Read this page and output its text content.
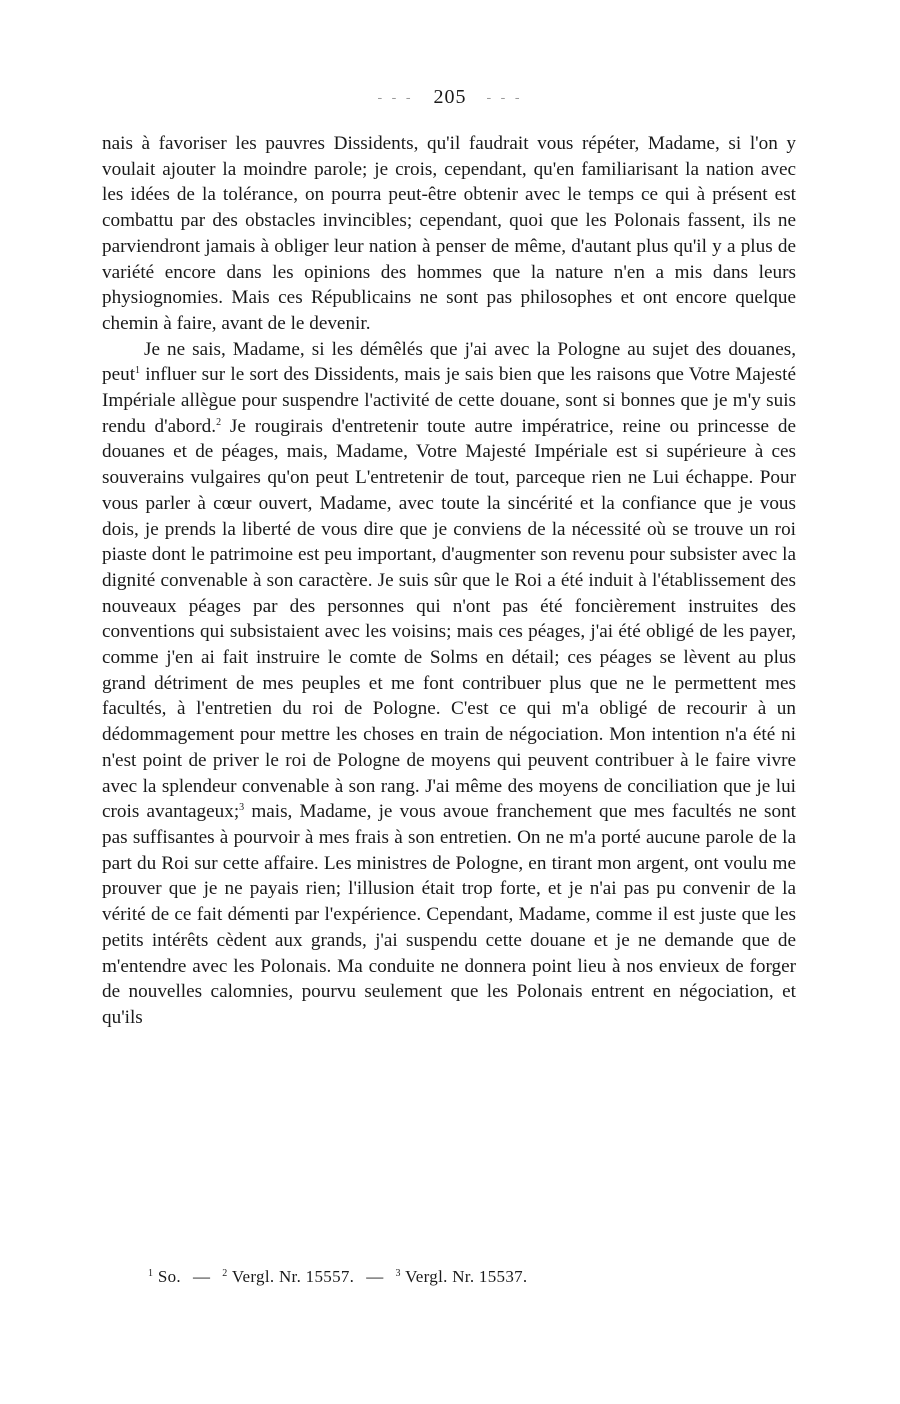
- - - 205 - - -

nais à favoriser les pauvres Dissidents, qu'il faudrait vous répéter, Madame, si l'on y voulait ajouter la moindre parole; je crois, cependant, qu'en familiarisant la nation avec les idées de la tolérance, on pourra peut-être obtenir avec le temps ce qui à présent est combattu par des obstacles invincibles; cependant, quoi que les Polonais fassent, ils ne parviendront jamais à obliger leur nation à penser de même, d'autant plus qu'il y a plus de variété encore dans les opinions des hommes que la nature n'en a mis dans leurs physiognomies. Mais ces Républicains ne sont pas philosophes et ont encore quelque chemin à faire, avant de le devenir.

Je ne sais, Madame, si les démêlés que j'ai avec la Pologne au sujet des douanes, peut$^1$ influer sur le sort des Dissidents, mais je sais bien que les raisons que Votre Majesté Impériale allègue pour suspendre l'activité de cette douane, sont si bonnes que je m'y suis rendu d'abord.$^2$ Je rougirais d'entretenir toute autre impératrice, reine ou princesse de douanes et de péages, mais, Madame, Votre Majesté Impériale est si supérieure à ces souverains vulgaires qu'on peut L'entretenir de tout, parceque rien ne Lui échappe. Pour vous parler à cœur ouvert, Madame, avec toute la sincérité et la confiance que je vous dois, je prends la liberté de vous dire que je conviens de la nécessité où se trouve un roi piaste dont le patrimoine est peu important, d'augmenter son revenu pour subsister avec la dignité convenable à son caractère. Je suis sûr que le Roi a été induit à l'établissement des nouveaux péages par des personnes qui n'ont pas été foncièrement instruites des conventions qui subsistaient avec les voisins; mais ces péages, j'ai été obligé de les payer, comme j'en ai fait instruire le comte de Solms en détail; ces péages se lèvent au plus grand détriment de mes peuples et me font contribuer plus que ne le permettent mes facultés, à l'entretien du roi de Pologne. C'est ce qui m'a obligé de recourir à un dédommagement pour mettre les choses en train de négociation. Mon intention n'a été ni n'est point de priver le roi de Pologne de moyens qui peuvent contribuer à le faire vivre avec la splendeur convenable à son rang. J'ai même des moyens de conciliation que je lui crois avantageux;$^3$ mais, Madame, je vous avoue franchement que mes facultés ne sont pas suffisantes à pourvoir à mes frais à son entretien. On ne m'a porté aucune parole de la part du Roi sur cette affaire. Les ministres de Pologne, en tirant mon argent, ont voulu me prouver que je ne payais rien; l'illusion était trop forte, et je n'ai pas pu convenir de la vérité de ce fait démenti par l'expérience. Cependant, Madame, comme il est juste que les petits intérêts cèdent aux grands, j'ai suspendu cette douane et je ne demande que de m'entendre avec les Polonais. Ma conduite ne donnera point lieu à nos envieux de forger de nouvelles calomnies, pourvu seulement que les Polonais entrent en négociation, et qu'ils

$^1$ So. — $^2$ Vergl. Nr. 15557. — $^3$ Vergl. Nr. 15537.
